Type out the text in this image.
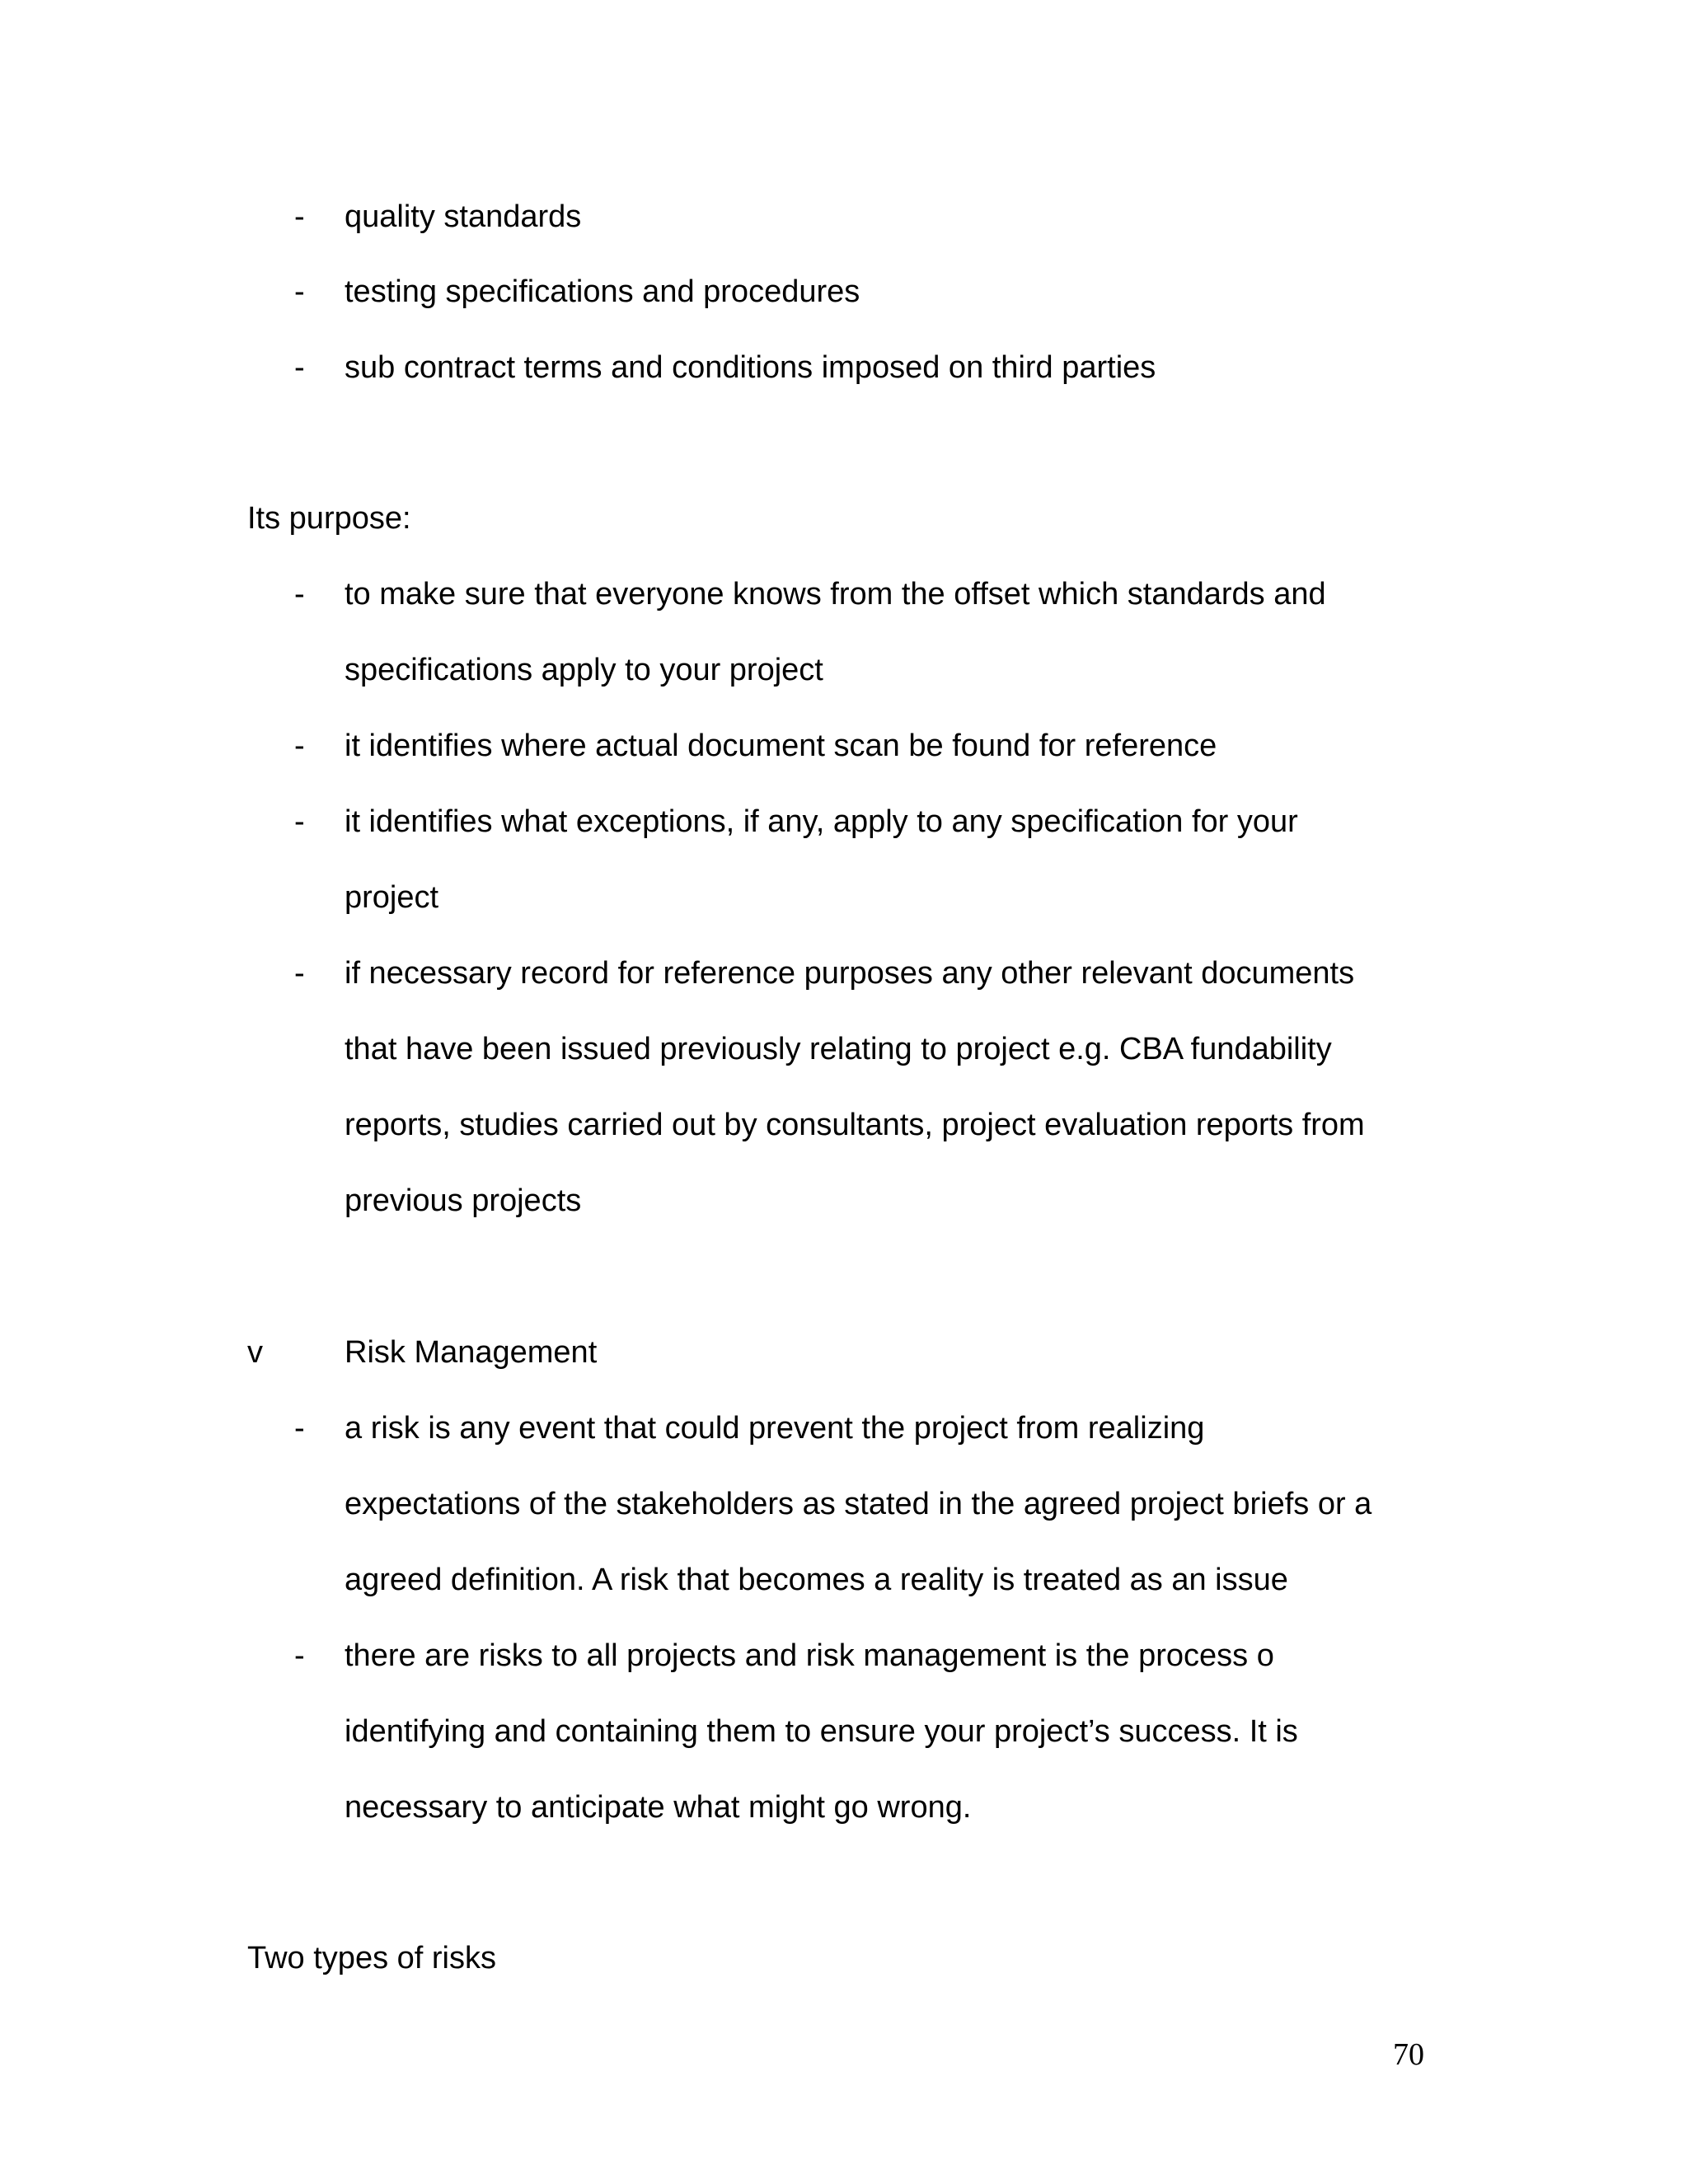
- quality standards
- testing specifications and procedures
- sub contract terms and conditions imposed on third parties
Its purpose:
- to make sure that everyone knows from the offset which standards and
specifications apply to your project
- it identifies where actual document scan be found for reference
- it identifies what exceptions, if any, apply to any specification for your
project
- if necessary record for reference purposes any other relevant documents
that have been issued previously relating to project e.g. CBA fundability
reports, studies carried out by consultants, project evaluation reports from
previous projects
v	Risk Management
- a risk is any event that could prevent the project from realizing
expectations of the stakeholders as stated in the agreed project briefs or a
agreed definition. A risk that becomes a reality is treated as an issue
- there are risks to all projects and risk management is the process o
identifying and containing them to ensure your project’s success. It is
necessary to anticipate what might go wrong.
Two types of risks
70
